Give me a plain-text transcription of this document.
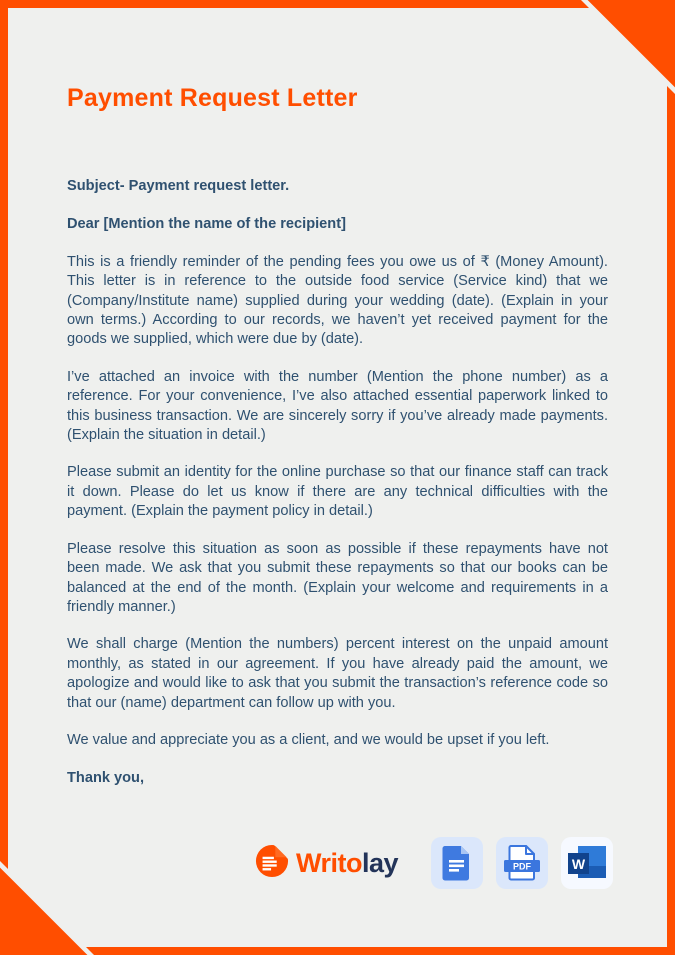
Payment Request Letter

Subject- Payment request letter.

Dear [Mention the name of the recipient]

This is a friendly reminder of the pending fees you owe us of ₹ (Money Amount). This letter is in reference to the outside food service (Service kind) that we (Company/Institute name) supplied during your wedding (date). (Explain in your own terms.) According to our records, we haven’t yet received payment for the goods we supplied, which were due by (date).

I’ve attached an invoice with the number (Mention the phone number) as a reference. For your convenience, I’ve also attached essential paperwork linked to this business transaction. We are sincerely sorry if you’ve already made payments. (Explain the situation in detail.)

Please submit an identity for the online purchase so that our finance staff can track it down. Please do let us know if there are any technical difficulties with the payment. (Explain the payment policy in detail.)

Please resolve this situation as soon as possible if these repayments have not been made. We ask that you submit these repayments so that our books can be balanced at the end of the month. (Explain your welcome and requirements in a friendly manner.)

We shall charge (Mention the numbers) percent interest on the unpaid amount monthly, as stated in our agreement. If you have already paid the amount, we apologize and would like to ask that you submit the transaction’s reference code so that our (name) department can follow up with you.

We value and appreciate you as a client, and we would be upset if you left.

Thank you,

Writolay	PDF	W
